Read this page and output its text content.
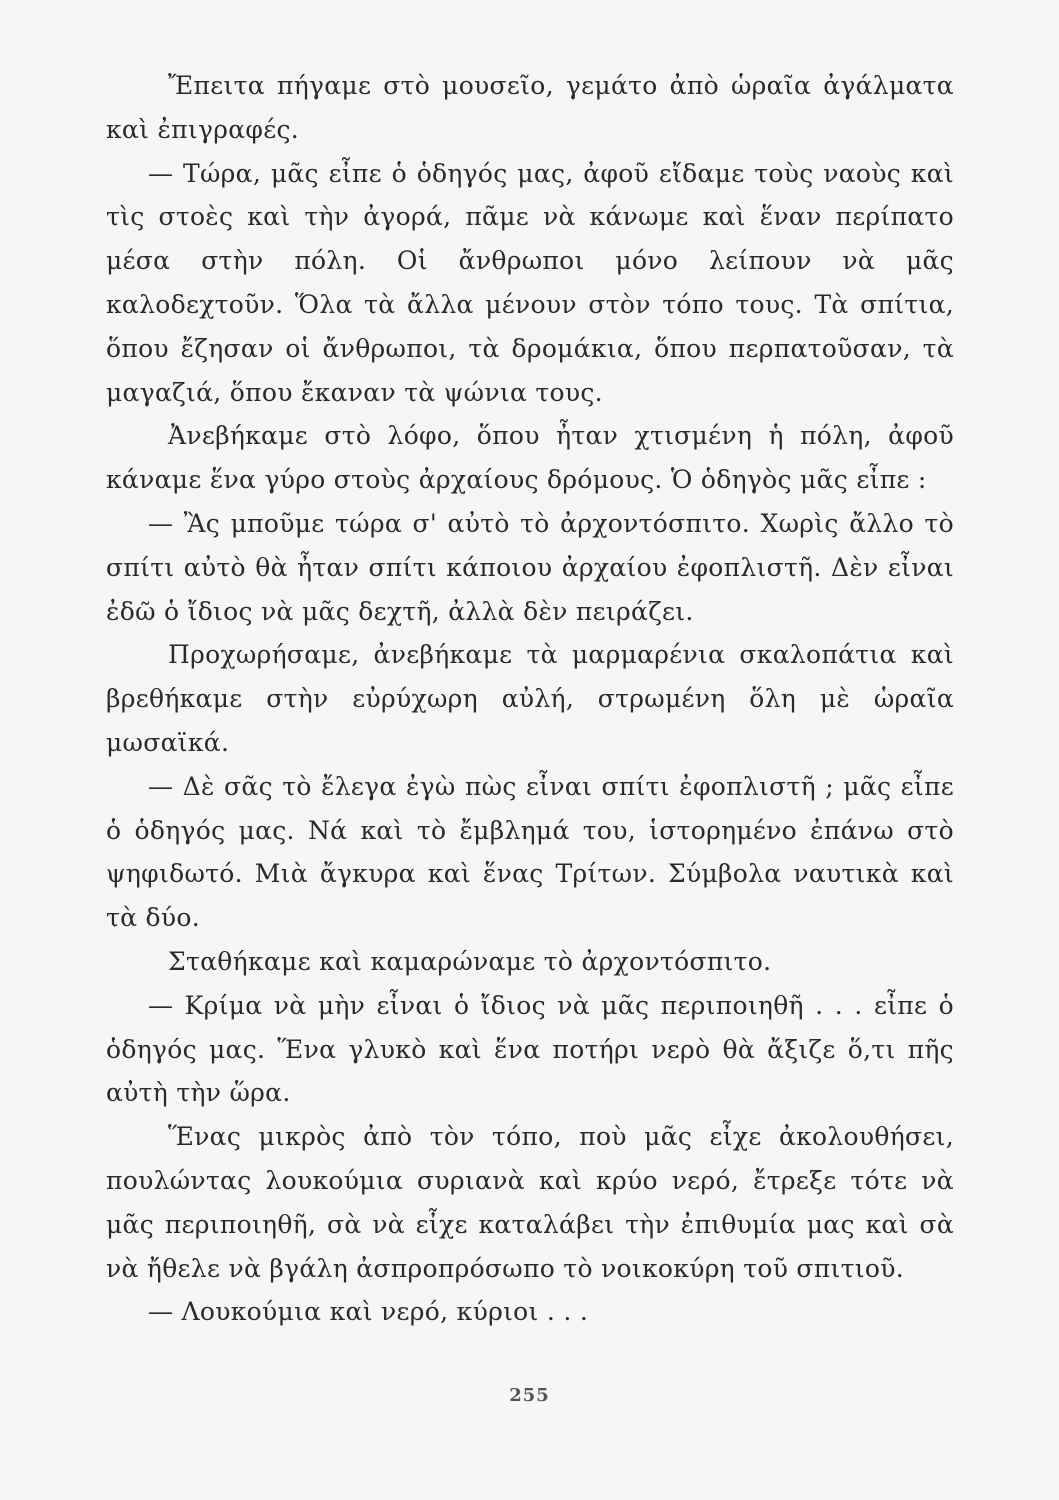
Ἔπειτα πήγαμε στὸ μουσεῖο, γεμάτο ἀπὸ ὡραῖα ἀγάλματα καὶ ἐπιγραφές.

— Τώρα, μᾶς εἶπε ὁ ὁδηγός μας, ἀφοῦ εἴδαμε τοὺς ναοὺς καὶ τὶς στοὲς καὶ τὴν ἀγορά, πᾶμε νὰ κάνωμε καὶ ἕναν περίπατο μέσα στὴν πόλη. Οἱ ἄνθρωποι μόνο λείπουν νὰ μᾶς καλοδεχτοῦν. Ὅλα τὰ ἄλλα μένουν στὸν τόπο τους. Τὰ σπίτια, ὅπου ἔζησαν οἱ ἄνθρωποι, τὰ δρομάκια, ὅπου περπατοῦσαν, τὰ μαγαζιά, ὅπου ἔκαναν τὰ ψώνια τους.

Ἀνεβήκαμε στὸ λόφο, ὅπου ἦταν χτισμένη ἡ πόλη, ἀφοῦ κάναμε ἕνα γύρο στοὺς ἀρχαίους δρόμους. Ὁ ὁδηγὸς μᾶς εἶπε :

— Ἂς μποῦμε τώρα σ' αὐτὸ τὸ ἀρχοντόσπιτο. Χωρὶς ἄλλο τὸ σπίτι αὐτὸ θὰ ἦταν σπίτι κάποιου ἀρχαίου ἐφοπλιστῆ. Δὲν εἶναι ἐδῶ ὁ ἴδιος νὰ μᾶς δεχτῆ, ἀλλὰ δὲν πειράζει.

Προχωρήσαμε, ἀνεβήκαμε τὰ μαρμαρένια σκαλοπάτια καὶ βρεθήκαμε στὴν εὐρύχωρη αὐλή, στρωμένη ὅλη μὲ ὡραῖα μωσαϊκά.

— Δὲ σᾶς τὸ ἔλεγα ἐγὼ πὼς εἶναι σπίτι ἐφοπλιστῆ ; μᾶς εἶπε ὁ ὁδηγός μας. Νά καὶ τὸ ἔμβλημά του, ἱστορημένο ἐπάνω στὸ ψηφιδωτό. Μιὰ ἄγκυρα καὶ ἕνας Τρίτων. Σύμβολα ναυτικὰ καὶ τὰ δύο.

Σταθήκαμε καὶ καμαρώναμε τὸ ἀρχοντόσπιτο.

— Κρίμα νὰ μὴν εἶναι ὁ ἴδιος νὰ μᾶς περιποιηθῆ . . . εἶπε ὁ ὁδηγός μας. Ἕνα γλυκὸ καὶ ἕνα ποτήρι νερὸ θὰ ἄξιζε ὅ,τι πῆς αὐτὴ τὴν ὥρα.

Ἕνας μικρὸς ἀπὸ τὸν τόπο, ποὺ μᾶς εἶχε ἀκολουθήσει, πουλώντας λουκούμια συριανὰ καὶ κρύο νερό, ἔτρεξε τότε νὰ μᾶς περιποιηθῆ, σὰ νὰ εἶχε καταλάβει τὴν ἐπιθυμία μας καὶ σὰ νὰ ἤθελε νὰ βγάλη ἀσπροπρόσωπο τὸ νοικοκύρη τοῦ σπιτιοῦ.

— Λουκούμια καὶ νερό, κύριοι . . .

255
